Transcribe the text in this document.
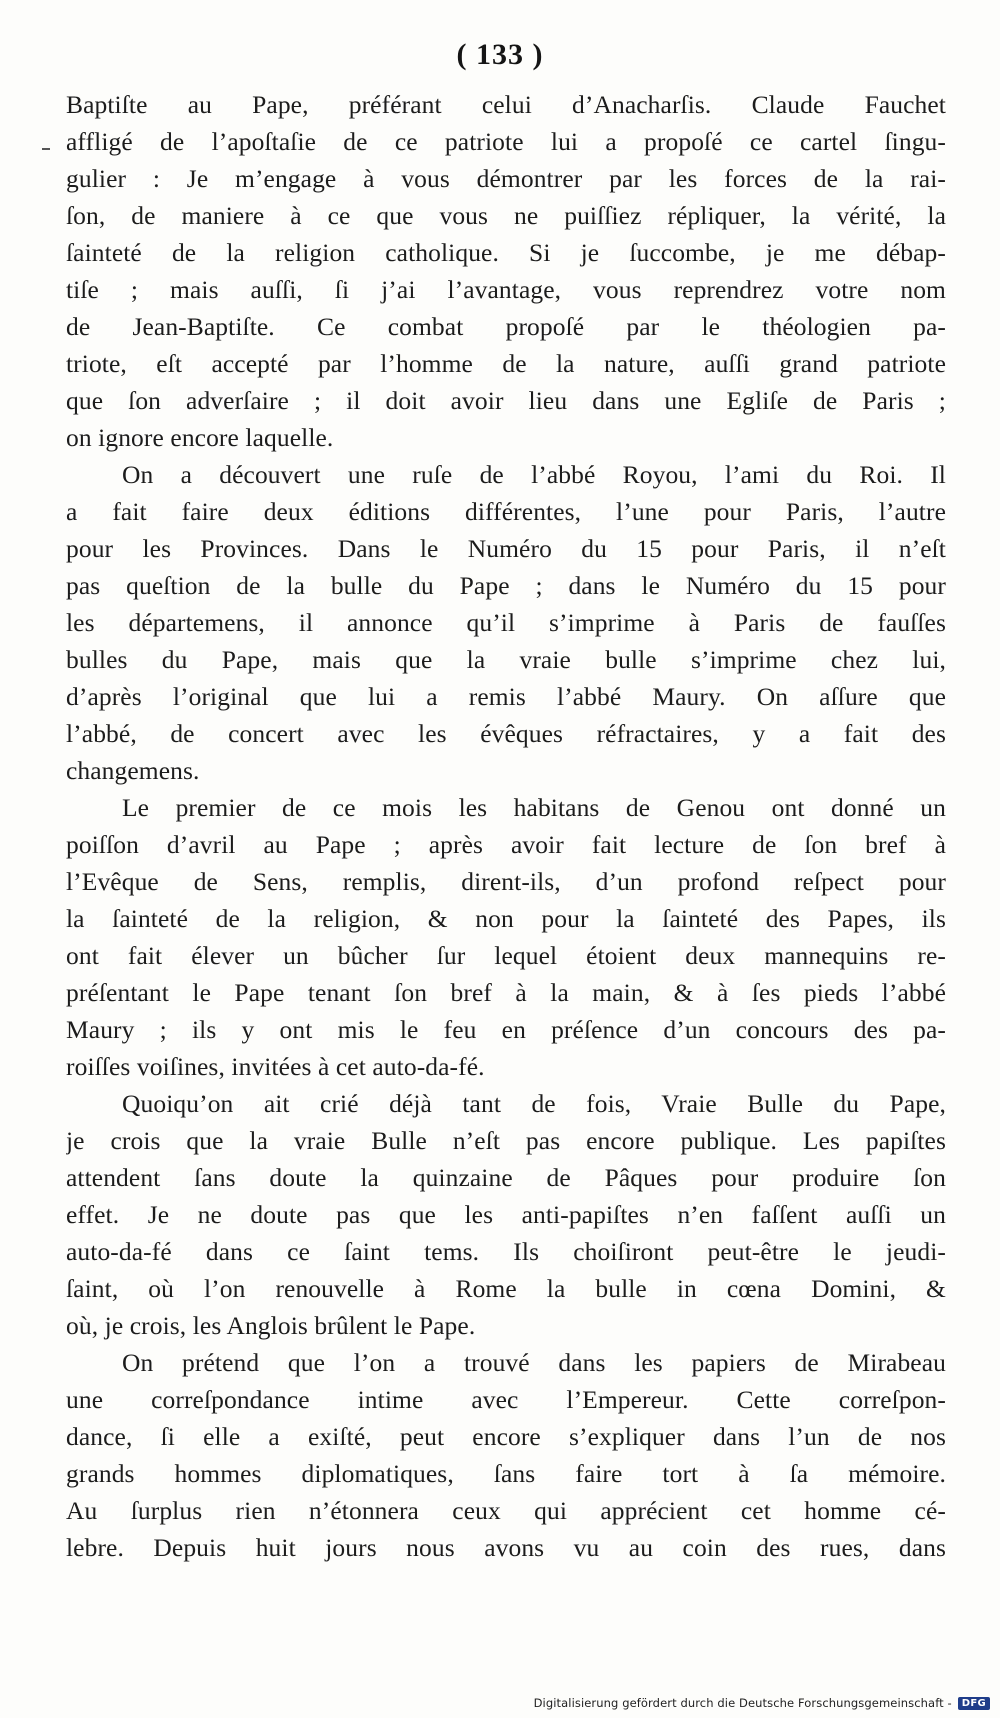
( 133 )
Baptiſte au Pape, préférant celui d’Anacharſis. Claude Fauchet
affligé de l’apoſtaſie de ce patriote lui a propoſé ce cartel ſingu-
gulier : Je m’engage à vous démontrer par les forces de la rai-
ſon, de maniere à ce que vous ne puiſſiez répliquer, la vérité, la
ſainteté de la religion catholique. Si je ſuccombe, je me débap-
tiſe ; mais auſſi, ſi j’ai l’avantage, vous reprendrez votre nom
de Jean-Baptiſte. Ce combat propoſé par le théologien pa-
triote, eſt accepté par l’homme de la nature, auſſi grand patriote
que ſon adverſaire ; il doit avoir lieu dans une Egliſe de Paris ;
on ignore encore laquelle.
On a découvert une ruſe de l’abbé Royou, l’ami du Roi. Il
a fait faire deux éditions différentes, l’une pour Paris, l’autre
pour les Provinces. Dans le Numéro du 15 pour Paris, il n’eſt
pas queſtion de la bulle du Pape ; dans le Numéro du 15 pour
les départemens, il annonce qu’il s’imprime à Paris de fauſſes
bulles du Pape, mais que la vraie bulle s’imprime chez lui,
d’après l’original que lui a remis l’abbé Maury. On aſſure que
l’abbé, de concert avec les évêques réfractaires, y a fait des
changemens.
Le premier de ce mois les habitans de Genou ont donné un
poiſſon d’avril au Pape ; après avoir fait lecture de ſon bref à
l’Evêque de Sens, remplis, dirent-ils, d’un profond reſpect pour
la ſainteté de la religion, & non pour la ſainteté des Papes, ils
ont fait élever un bûcher ſur lequel étoient deux mannequins re-
préſentant le Pape tenant ſon bref à la main, & à ſes pieds l’abbé
Maury ; ils y ont mis le feu en préſence d’un concours des pa-
roiſſes voiſines, invitées à cet auto-da-fé.
Quoiqu’on ait crié déjà tant de fois, Vraie Bulle du Pape,
je crois que la vraie Bulle n’eſt pas encore publique. Les papiſtes
attendent ſans doute la quinzaine de Pâques pour produire ſon
effet. Je ne doute pas que les anti-papiſtes n’en faſſent auſſi un
auto-da-fé dans ce ſaint tems. Ils choiſiront peut-être le jeudi-
ſaint, où l’on renouvelle à Rome la bulle in cœna Domini, &
où, je crois, les Anglois brûlent le Pape.
On prétend que l’on a trouvé dans les papiers de Mirabeau
une correſpondance intime avec l’Empereur. Cette correſpon-
dance, ſi elle a exiſté, peut encore s’expliquer dans l’un de nos
grands hommes diplomatiques, ſans faire tort à ſa mémoire.
Au ſurplus rien n’étonnera ceux qui apprécient cet homme cé-
lebre. Depuis huit jours nous avons vu au coin des rues, dans
Digitalisierung gefördert durch die Deutsche Forschungsgemeinschaft -	DFG
